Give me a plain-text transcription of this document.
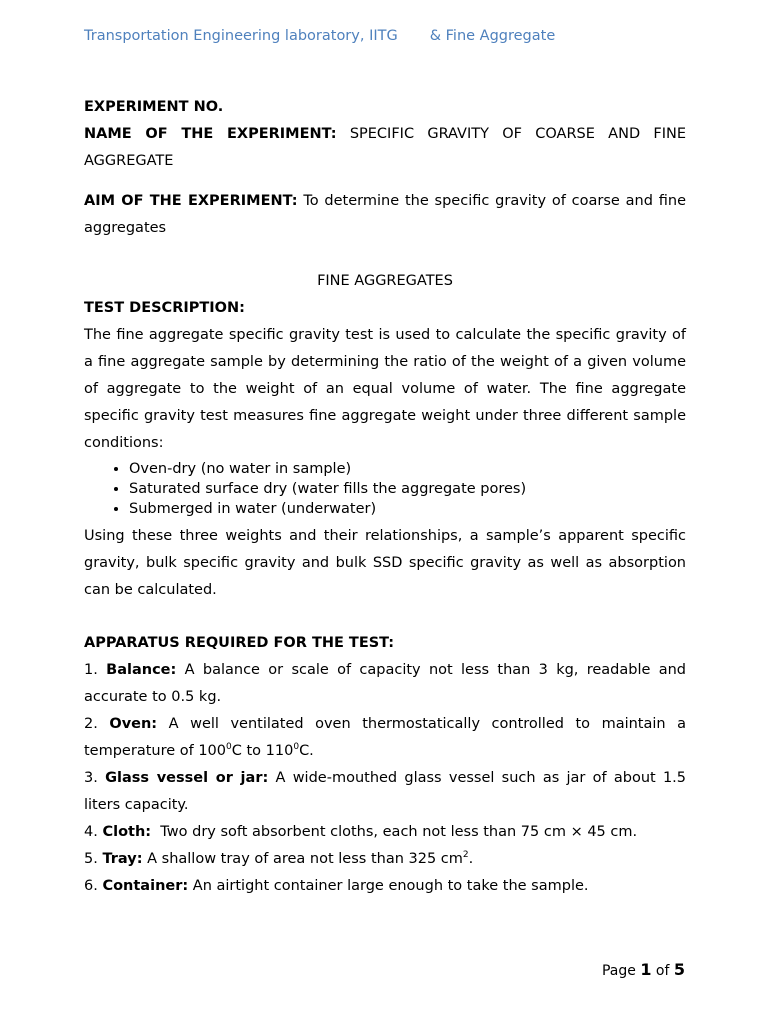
Transportation Engineering laboratory, IITG & Fine Aggregate
EXPERIMENT NO.
NAME OF THE EXPERIMENT: SPECIFIC GRAVITY OF COARSE AND FINE AGGREGATE
AIM OF THE EXPERIMENT: To determine the specific gravity of coarse and fine aggregates
FINE AGGREGATES
TEST DESCRIPTION:
The fine aggregate specific gravity test is used to calculate the specific gravity of a fine aggregate sample by determining the ratio of the weight of a given volume of aggregate to the weight of an equal volume of water. The fine aggregate specific gravity test measures fine aggregate weight under three different sample conditions:
• Oven-dry (no water in sample)
• Saturated surface dry (water fills the aggregate pores)
• Submerged in water (underwater)
Using these three weights and their relationships, a sample’s apparent specific gravity, bulk specific gravity and bulk SSD specific gravity as well as absorption can be calculated.
APPARATUS REQUIRED FOR THE TEST:
1. Balance: A balance or scale of capacity not less than 3 kg, readable and accurate to 0.5 kg.
2. Oven: A well ventilated oven thermostatically controlled to maintain a temperature of $100^0C$ to $110^0C$.
3. Glass vessel or jar: A wide-mouthed glass vessel such as jar of about 1.5 liters capacity.
4. Cloth:  Two dry soft absorbent cloths, each not less than 75 cm × 45 cm.
5. Tray: A shallow tray of area not less than 325 $cm^2$.
6. Container: An airtight container large enough to take the sample.
Page 1 of 5
